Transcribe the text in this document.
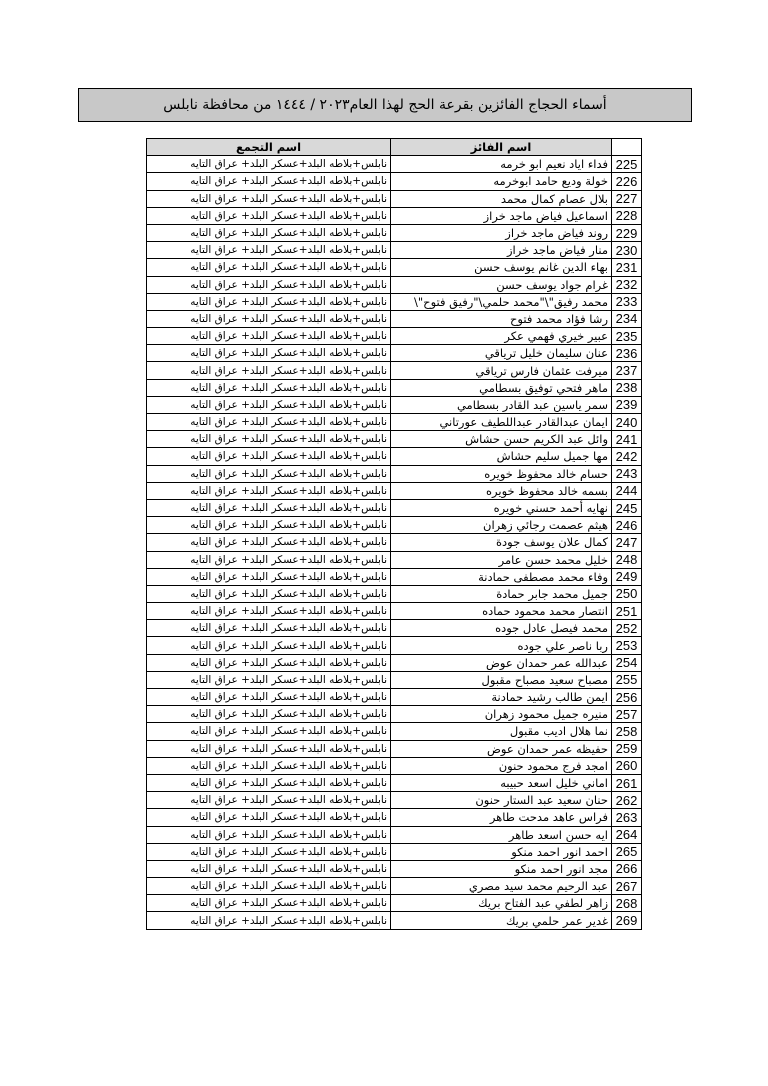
أسماء الحجاج الفائزين بقرعة الحج لهذا العام٢٠٢٣ / ١٤٤٤ من محافظة نابلس
	اسم الفائز	اسم التجمع
225	فداء اياد نعيم ابو خرمه	نابلس+بلاطه البلد+عسكر البلد+ عراق التايه
226	خولة وديع حامد ابوخرمه	نابلس+بلاطه البلد+عسكر البلد+ عراق التايه
227	بلال عصام كمال محمد	نابلس+بلاطه البلد+عسكر البلد+ عراق التايه
228	اسماعيل فياض ماجد خراز	نابلس+بلاطه البلد+عسكر البلد+ عراق التايه
229	روند فياض ماجد خراز	نابلس+بلاطه البلد+عسكر البلد+ عراق التايه
230	منار فياض ماجد خراز	نابلس+بلاطه البلد+عسكر البلد+ عراق التايه
231	بهاء الدين غانم يوسف حسن	نابلس+بلاطه البلد+عسكر البلد+ عراق التايه
232	غرام جواد يوسف حسن	نابلس+بلاطه البلد+عسكر البلد+ عراق التايه
233	محمد رفيق"\"محمد حلمي\"رفيق فتوح"\	نابلس+بلاطه البلد+عسكر البلد+ عراق التايه
234	رشا فؤاد محمد فتوح	نابلس+بلاطه البلد+عسكر البلد+ عراق التايه
235	عبير خيري فهمي عكر	نابلس+بلاطه البلد+عسكر البلد+ عراق التايه
236	عنان سليمان خليل ترياقي	نابلس+بلاطه البلد+عسكر البلد+ عراق التايه
237	ميرفت عثمان فارس ترياقي	نابلس+بلاطه البلد+عسكر البلد+ عراق التايه
238	ماهر فتحي توفيق بسطامي	نابلس+بلاطه البلد+عسكر البلد+ عراق التايه
239	سمر ياسين عبد القادر بسطامي	نابلس+بلاطه البلد+عسكر البلد+ عراق التايه
240	ايمان عبدالقادر عبداللطيف عورتاني	نابلس+بلاطه البلد+عسكر البلد+ عراق التايه
241	وائل عبد الكريم حسن حشاش	نابلس+بلاطه البلد+عسكر البلد+ عراق التايه
242	مها جميل سليم حشاش	نابلس+بلاطه البلد+عسكر البلد+ عراق التايه
243	حسام خالد محفوظ خويره	نابلس+بلاطه البلد+عسكر البلد+ عراق التايه
244	بسمه خالد محفوظ خويره	نابلس+بلاطه البلد+عسكر البلد+ عراق التايه
245	نهايه أحمد حسني خويره	نابلس+بلاطه البلد+عسكر البلد+ عراق التايه
246	هيثم عصمت رجائي زهران	نابلس+بلاطه البلد+عسكر البلد+ عراق التايه
247	كمال علان يوسف جودة	نابلس+بلاطه البلد+عسكر البلد+ عراق التايه
248	خليل محمد حسن عامر	نابلس+بلاطه البلد+عسكر البلد+ عراق التايه
249	وفاء محمد مصطفى حمادنة	نابلس+بلاطه البلد+عسكر البلد+ عراق التايه
250	جميل محمد جابر حمادة	نابلس+بلاطه البلد+عسكر البلد+ عراق التايه
251	انتصار محمد محمود حماده	نابلس+بلاطه البلد+عسكر البلد+ عراق التايه
252	محمد فيصل عادل جوده	نابلس+بلاطه البلد+عسكر البلد+ عراق التايه
253	ربا ناصر علي جوده	نابلس+بلاطه البلد+عسكر البلد+ عراق التايه
254	عبدالله عمر حمدان عوض	نابلس+بلاطه البلد+عسكر البلد+ عراق التايه
255	مصباح سعيد مصباح مقبول	نابلس+بلاطه البلد+عسكر البلد+ عراق التايه
256	ايمن طالب رشيد حمادنة	نابلس+بلاطه البلد+عسكر البلد+ عراق التايه
257	منيره جميل محمود زهران	نابلس+بلاطه البلد+عسكر البلد+ عراق التايه
258	نما هلال اديب مقبول	نابلس+بلاطه البلد+عسكر البلد+ عراق التايه
259	حفيظه عمر حمدان عوض	نابلس+بلاطه البلد+عسكر البلد+ عراق التايه
260	امجد فرج محمود حنون	نابلس+بلاطه البلد+عسكر البلد+ عراق التايه
261	اماني خليل اسعد حبيبه	نابلس+بلاطه البلد+عسكر البلد+ عراق التايه
262	حنان سعيد عبد الستار حنون	نابلس+بلاطه البلد+عسكر البلد+ عراق التايه
263	فراس عاهد مدحت طاهر	نابلس+بلاطه البلد+عسكر البلد+ عراق التايه
264	ايه حسن اسعد طاهر	نابلس+بلاطه البلد+عسكر البلد+ عراق التايه
265	احمد انور احمد منكو	نابلس+بلاطه البلد+عسكر البلد+ عراق التايه
266	مجد انور احمد منكو	نابلس+بلاطه البلد+عسكر البلد+ عراق التايه
267	عبد الرحيم محمد سيد مصري	نابلس+بلاطه البلد+عسكر البلد+ عراق التايه
268	زاهر لطفي عبد الفتاح بريك	نابلس+بلاطه البلد+عسكر البلد+ عراق التايه
269	غدير عمر حلمي بريك	نابلس+بلاطه البلد+عسكر البلد+ عراق التايه
